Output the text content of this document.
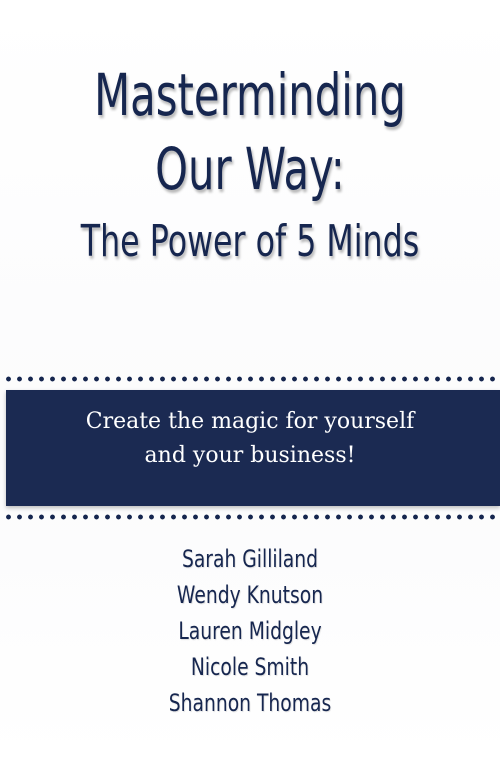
Masterminding
Our Way:
The Power of 5 Minds
Create the magic for yourself
and your business!
Sarah Gilliland
Wendy Knutson
Lauren Midgley
Nicole Smith
Shannon Thomas
